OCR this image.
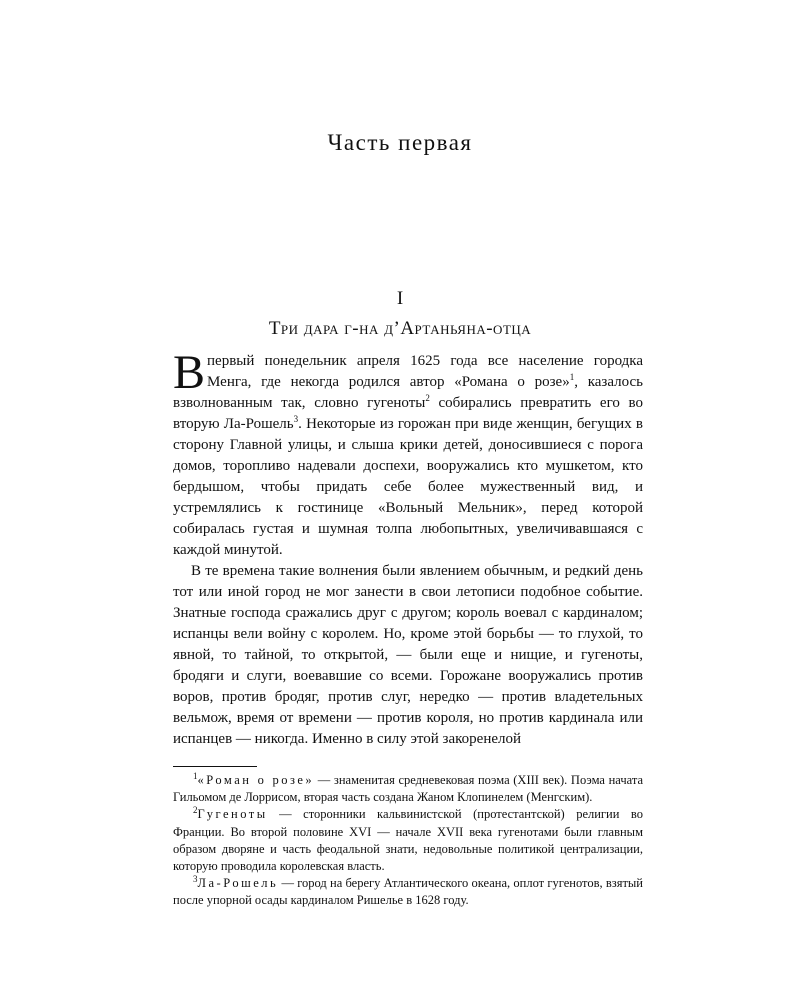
Часть первая
I
Три дара г-на д’Артаньяна-отца

Впервый понедельник апреля 1625 года все население городка Менга, где некогда родился автор «Романа о розе»$^1$, казалось взволнованным так, словно гугеноты$^2$ собирались превратить его во вторую Ла-Рошель$^3$. Некоторые из горожан при виде женщин, бегущих в сторону Главной улицы, и слыша крики детей, доносившиеся с порога домов, торопливо надевали доспехи, вооружались кто мушкетом, кто бердышом, чтобы придать себе более мужественный вид, и устремлялись к гостинице «Вольный Мельник», перед которой собиралась густая и шумная толпа любопытных, увеличивавшаяся с каждой минутой.

В те времена такие волнения были явлением обычным, и редкий день тот или иной город не мог занести в свои летописи подобное событие. Знатные господа сражались друг с другом; король воевал с кардиналом; испанцы вели войну с королем. Но, кроме этой борьбы — то глухой, то явной, то тайной, то открытой, — были еще и нищие, и гугеноты, бродяги и слуги, воевавшие со всеми. Горожане вооружались против воров, против бродяг, против слуг, нередко — против владетельных вельмож, время от времени — против короля, но против кардинала или испанцев — никогда. Именно в силу этой закоренелой

$^1$«Роман о розе» — знаменитая средневековая поэма (XIII век). Поэма начата Гильомом де Лоррисом, вторая часть создана Жаном Клопинелем (Менгским).

$^2$Гугеноты — сторонники кальвинистской (протестантской) религии во Франции. Во второй половине XVI — начале XVII века гугенотами были главным образом дворяне и часть феодальной знати, недовольные политикой централизации, которую проводила королевская власть.

$^3$Ла-Рошель — город на берегу Атлантического океана, оплот гугенотов, взятый после упорной осады кардиналом Ришелье в 1628 году.
